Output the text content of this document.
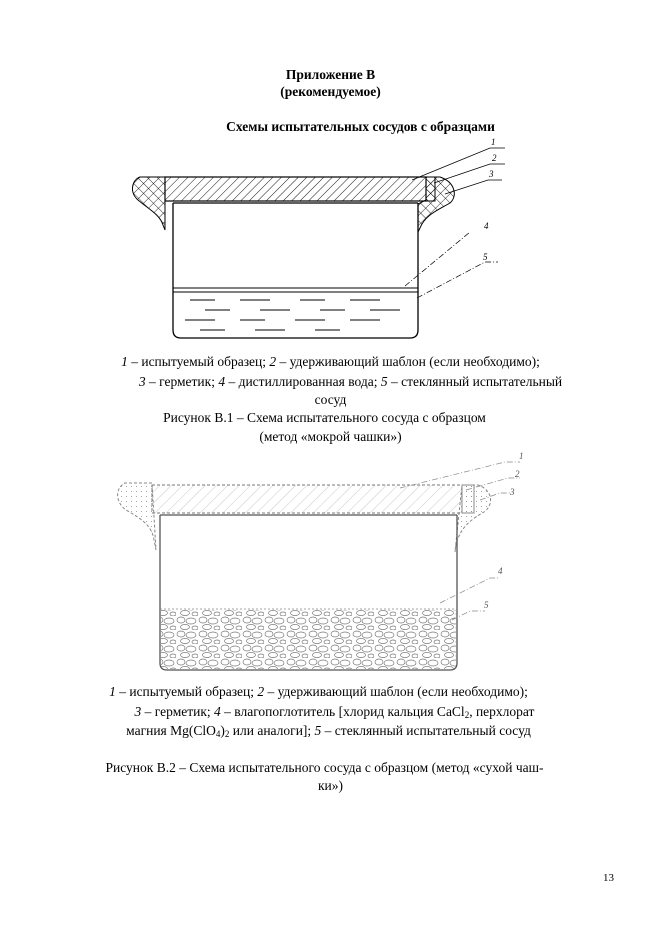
Приложение В
(рекомендуемое)
Схемы испытательных сосудов с образцами
1
2
3
4
5
1 – испытуемый образец; 2 – удерживающий шаблон (если необходимо);
3 – герметик; 4 – дистиллированная вода; 5 – стеклянный испытательный
сосуд
Рисунок В.1 – Схема испытательного сосуда с образцом
(метод «мокрой чашки»)
1
2
3
4
5
1 – испытуемый образец; 2 – удерживающий шаблон (если необходимо);
3 – герметик; 4 – влагопоглотитель [хлорид кальция CaCl$_2$, перхлорат
магния $Mg(ClO_4)_2$ или аналоги]; 5 – стеклянный испытательный сосуд
Рисунок В.2 – Схема испытательного сосуда с образцом (метод «сухой чаш-
ки»)
13
